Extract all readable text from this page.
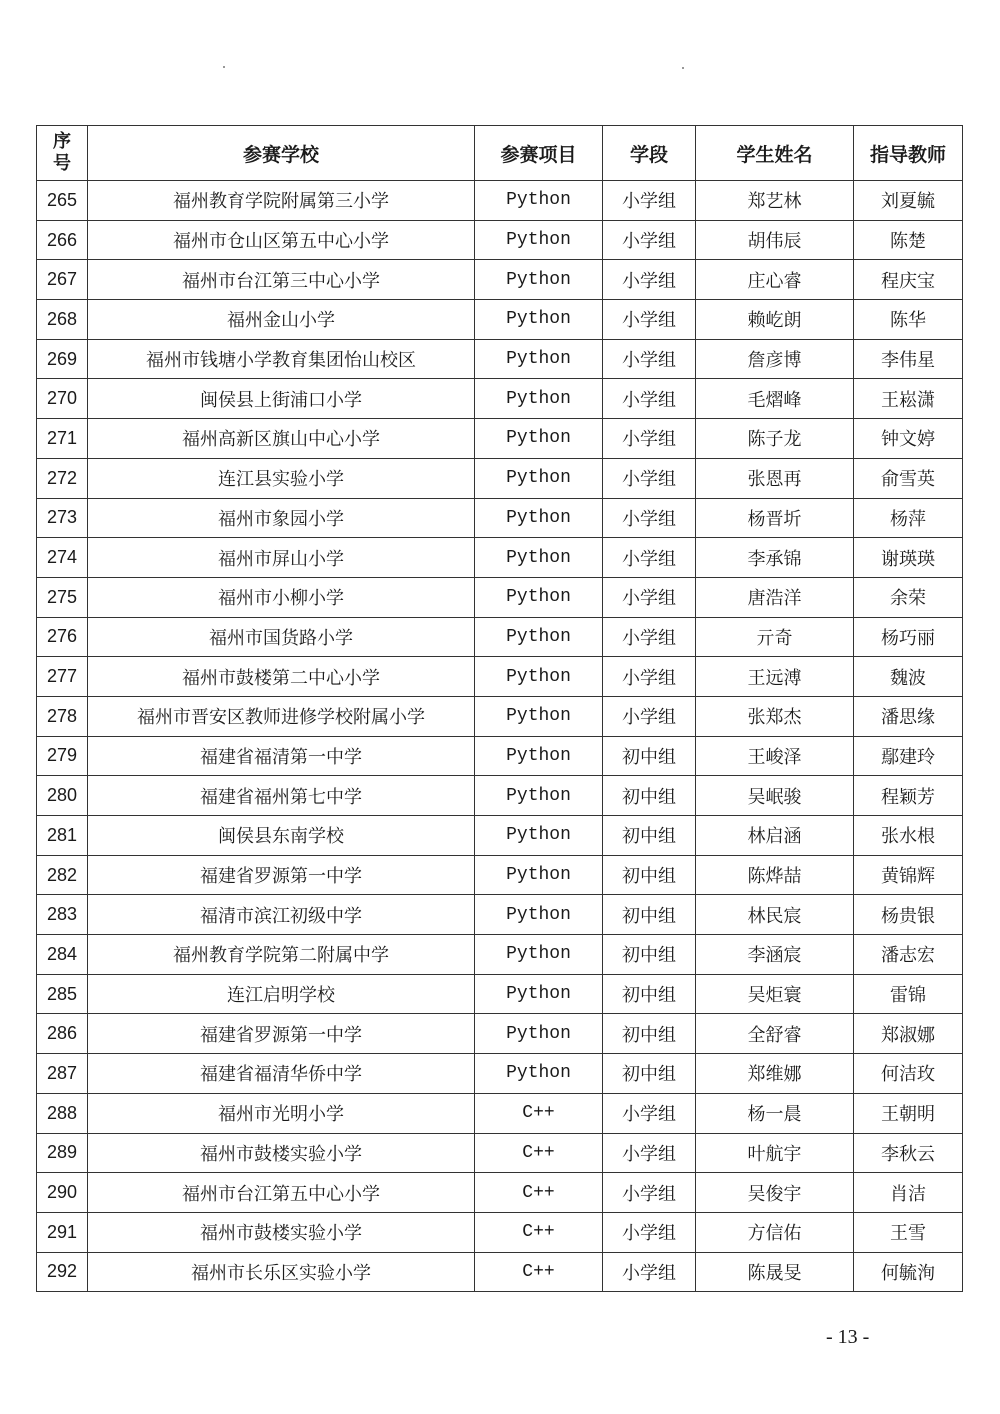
序
号	参赛学校	参赛项目	学段	学生姓名	指导教师
265	福州教育学院附属第三小学	Python	小学组	郑艺林	刘夏毓
266	福州市仓山区第五中心小学	Python	小学组	胡伟辰	陈楚
267	福州市台江第三中心小学	Python	小学组	庄心睿	程庆宝
268	福州金山小学	Python	小学组	赖屹朗	陈华
269	福州市钱塘小学教育集团怡山校区	Python	小学组	詹彦博	李伟星
270	闽侯县上街浦口小学	Python	小学组	毛熠峰	王崧潇
271	福州高新区旗山中心小学	Python	小学组	陈子龙	钟文婷
272	连江县实验小学	Python	小学组	张恩再	俞雪英
273	福州市象园小学	Python	小学组	杨晋圻	杨萍
274	福州市屏山小学	Python	小学组	李承锦	谢瑛瑛
275	福州市小柳小学	Python	小学组	唐浩洋	余荣
276	福州市国货路小学	Python	小学组	亓奇	杨巧丽
277	福州市鼓楼第二中心小学	Python	小学组	王远溥	魏波
278	福州市晋安区教师进修学校附属小学	Python	小学组	张郑杰	潘思缘
279	福建省福清第一中学	Python	初中组	王峻泽	鄢建玲
280	福建省福州第七中学	Python	初中组	吴岷骏	程颖芳
281	闽侯县东南学校	Python	初中组	林启涵	张水根
282	福建省罗源第一中学	Python	初中组	陈烨喆	黄锦辉
283	福清市滨江初级中学	Python	初中组	林民宸	杨贵银
284	福州教育学院第二附属中学	Python	初中组	李涵宸	潘志宏
285	连江启明学校	Python	初中组	吴炬寰	雷锦
286	福建省罗源第一中学	Python	初中组	全舒睿	郑淑娜
287	福建省福清华侨中学	Python	初中组	郑维娜	何洁玫
288	福州市光明小学	C++	小学组	杨一晨	王朝明
289	福州市鼓楼实验小学	C++	小学组	叶航宇	李秋云
290	福州市台江第五中心小学	C++	小学组	吴俊宇	肖洁
291	福州市鼓楼实验小学	C++	小学组	方信佑	王雪
292	福州市长乐区实验小学	C++	小学组	陈晟旻	何毓洵
- 13 -
